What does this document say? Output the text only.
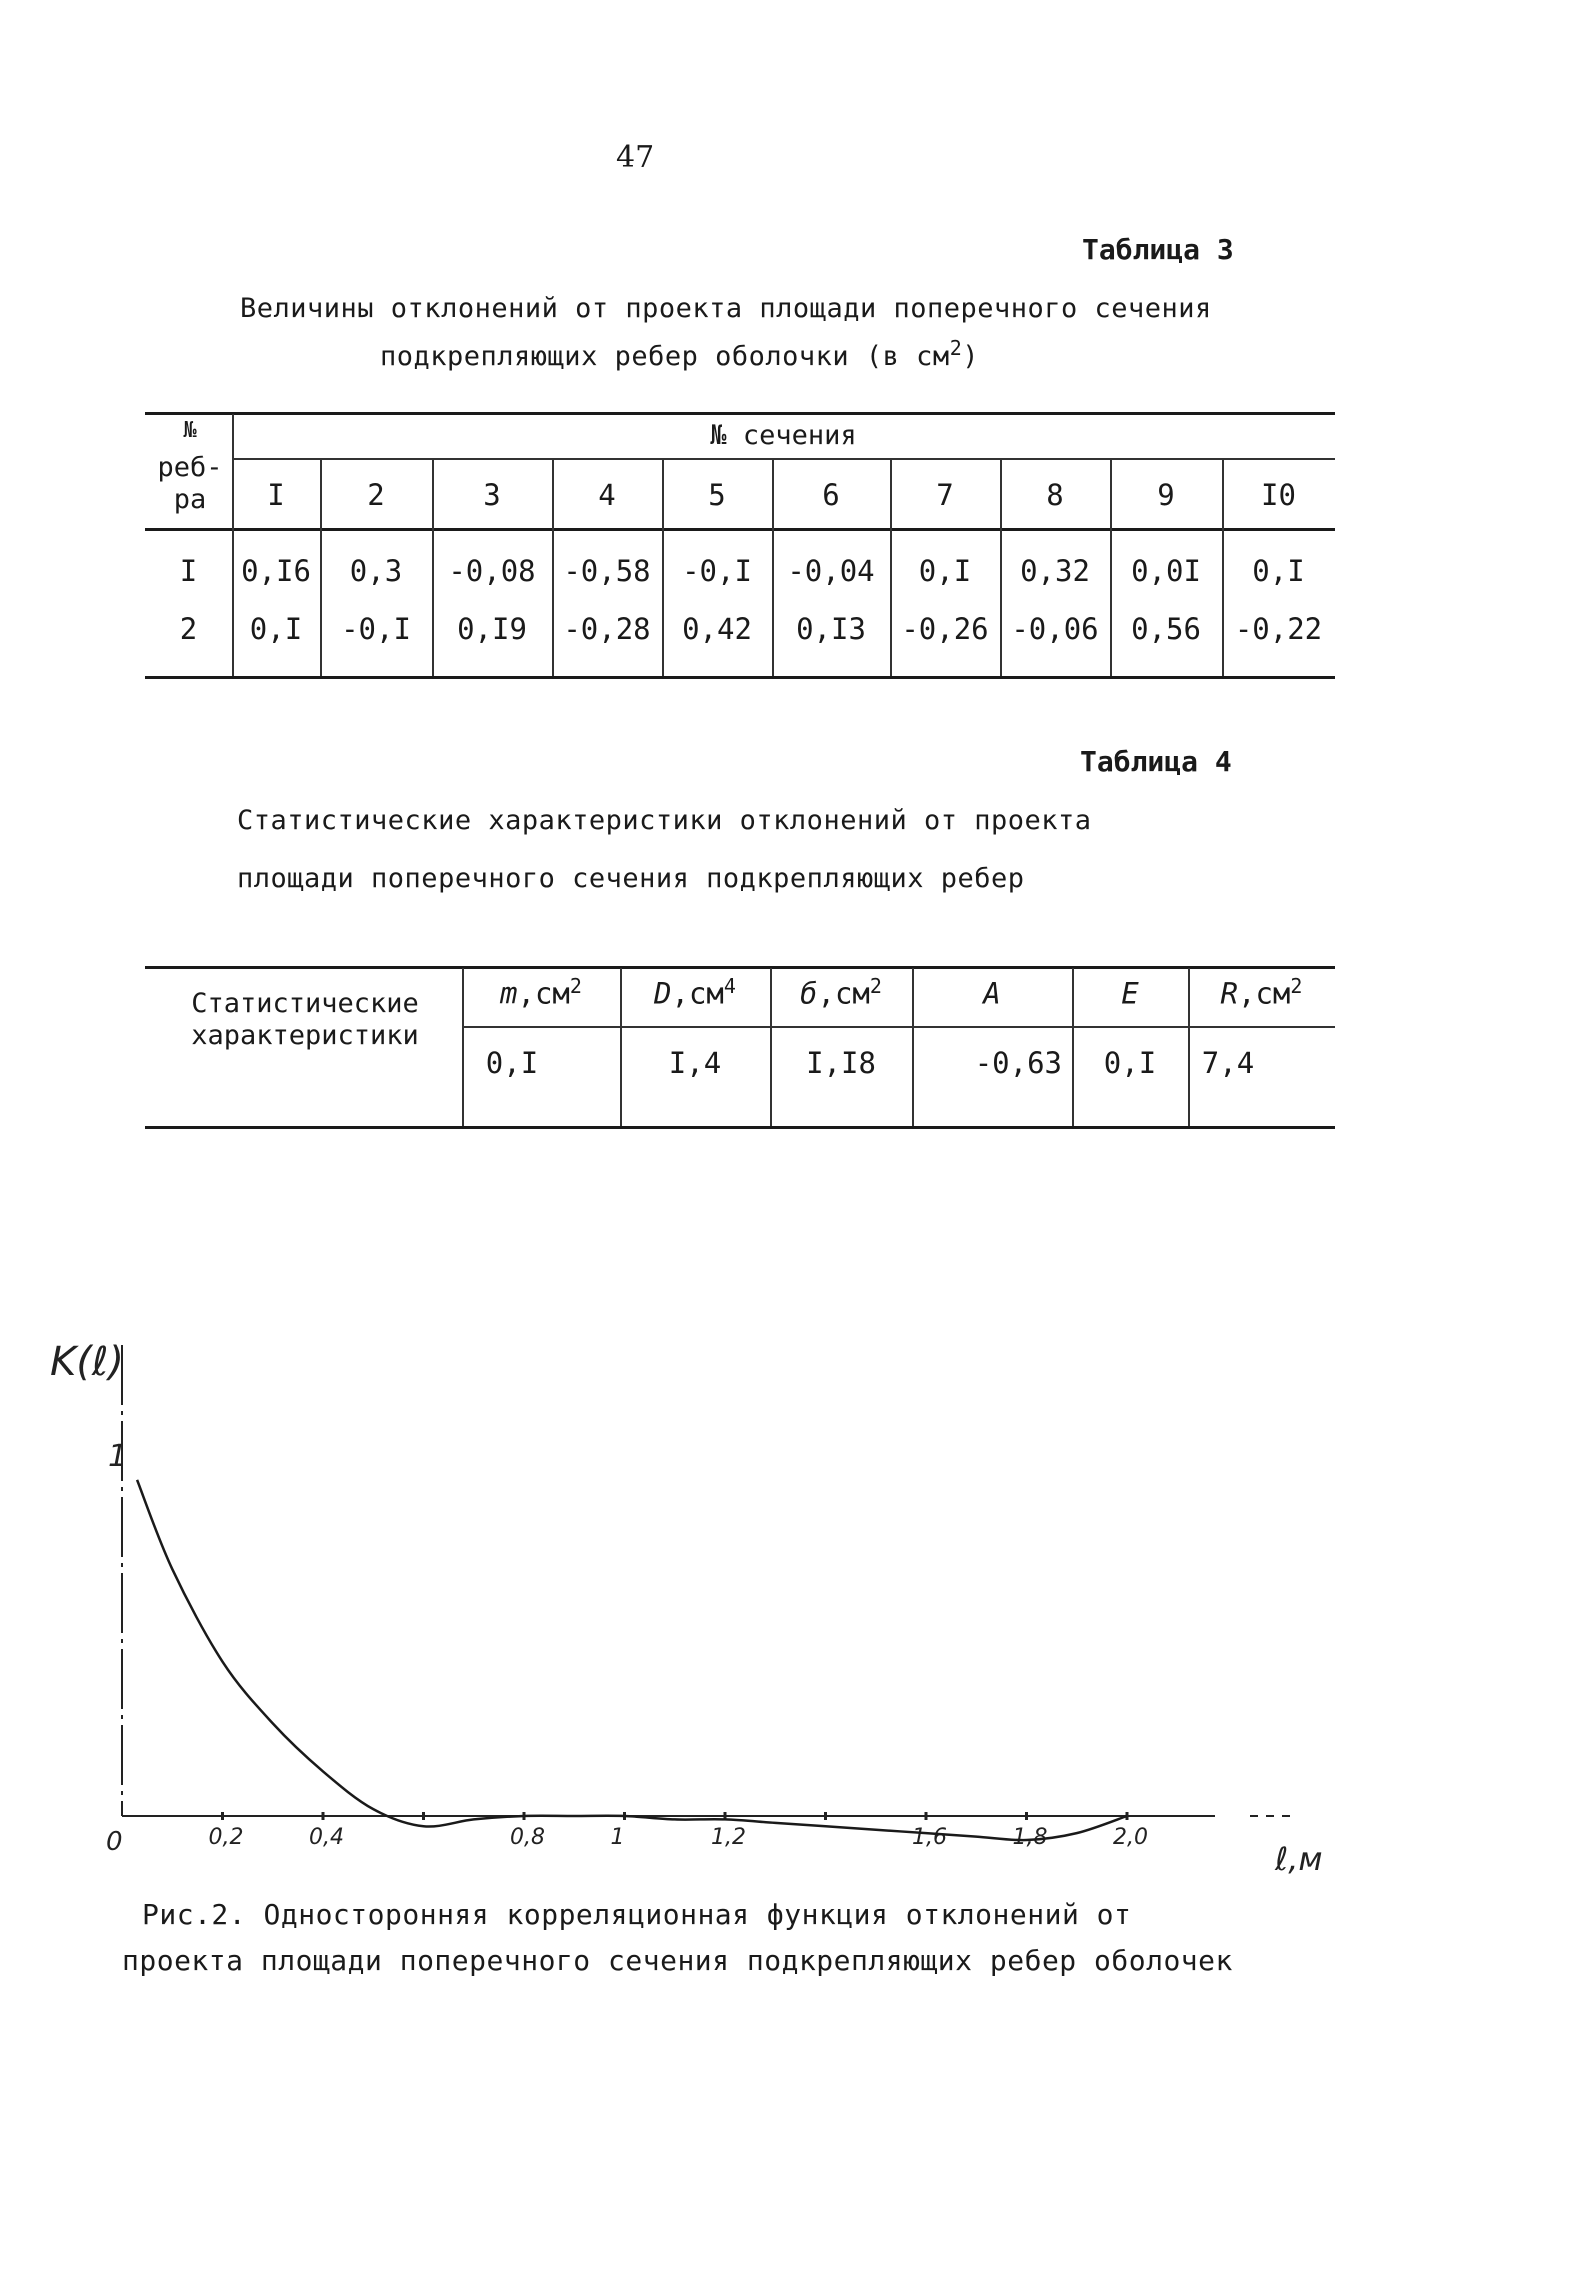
47
Таблица 3
Величины отклонений от проекта площади поперечного сечения
подкрепляющих ребер оболочки (в $см^2$)
№
реб-
ра
№ сечения
I	2	3	4	5	6	7	8	9	I0
I	0,I6	0,3	-0,08 -0,58	-0,I	-0,04	0,I	0,32	0,0I	0,I
2	0,I	-0,I	0,I9	-0,28	0,42	0,I3	-0,26 -0,06	0,56	-0,22
Таблица 4
Статистические характеристики отклонений от проекта
площади поперечного сечения подкрепляющих ребер
Статистические
характеристики
$m,см^2$	$D,см^4$	$б,см^2$	A	E	$R,см^2$
0,I	I,4	I,I8	-0,63	0,I	7,4
K(ℓ)
ℓ,м
1
0	0,2	0,4	0,8	1	1,2	1,6	1,8	2,0
Рис.2. Односторонняя корреляционная функция отклонений от
проекта площади поперечного сечения подкрепляющих ребер оболочек
